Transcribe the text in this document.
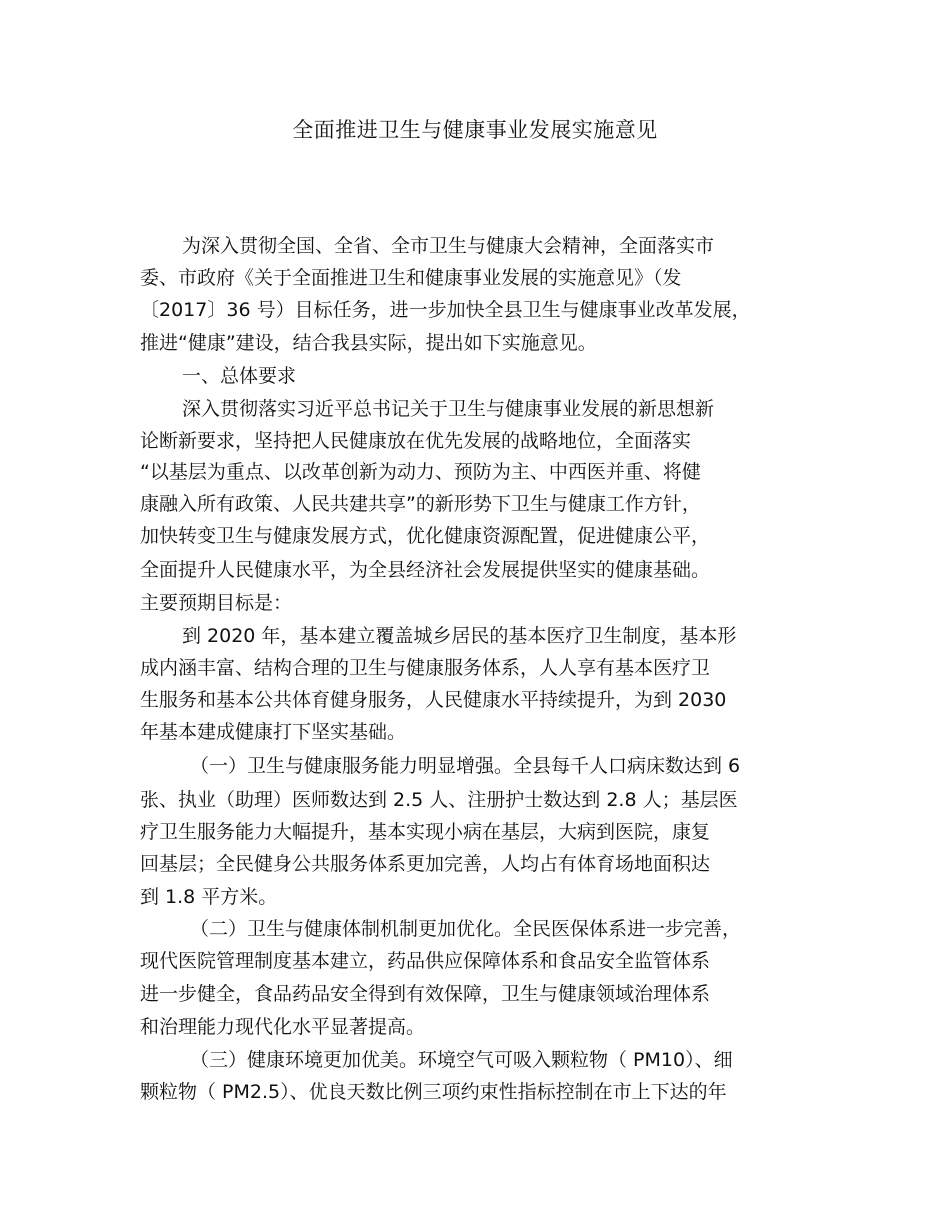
全面推进卫生与健康事业发展实施意见
为深入贯彻全国、全省、全市卫生与健康大会精神，全面落实市
委、市政府《关于全面推进卫生和健康事业发展的实施意见》（发
〔2017〕36 号）目标任务，进一步加快全县卫生与健康事业改革发展，
推进“健康”建设，结合我县实际，提出如下实施意见。
一、总体要求
深入贯彻落实习近平总书记关于卫生与健康事业发展的新思想新
论断新要求，坚持把人民健康放在优先发展的战略地位，全面落实
“以基层为重点、以改革创新为动力、预防为主、中西医并重、将健
康融入所有政策、人民共建共享”的新形势下卫生与健康工作方针，
加快转变卫生与健康发展方式，优化健康资源配置，促进健康公平，
全面提升人民健康水平，为全县经济社会发展提供坚实的健康基础。
主要预期目标是：
到 2020 年，基本建立覆盖城乡居民的基本医疗卫生制度，基本形
成内涵丰富、结构合理的卫生与健康服务体系，人人享有基本医疗卫
生服务和基本公共体育健身服务，人民健康水平持续提升，为到 2030
年基本建成健康打下坚实基础。
（一）卫生与健康服务能力明显增强。全县每千人口病床数达到 6
张、执业（助理）医师数达到 2.5 人、注册护士数达到 2.8 人；基层医
疗卫生服务能力大幅提升，基本实现小病在基层，大病到医院，康复
回基层；全民健身公共服务体系更加完善，人均占有体育场地面积达
到 1.8 平方米。
（二）卫生与健康体制机制更加优化。全民医保体系进一步完善，
现代医院管理制度基本建立，药品供应保障体系和食品安全监管体系
进一步健全，食品药品安全得到有效保障，卫生与健康领域治理体系
和治理能力现代化水平显著提高。
（三）健康环境更加优美。环境空气可吸入颗粒物（ PM10）、细
颗粒物（ PM2.5）、优良天数比例三项约束性指标控制在市上下达的年
